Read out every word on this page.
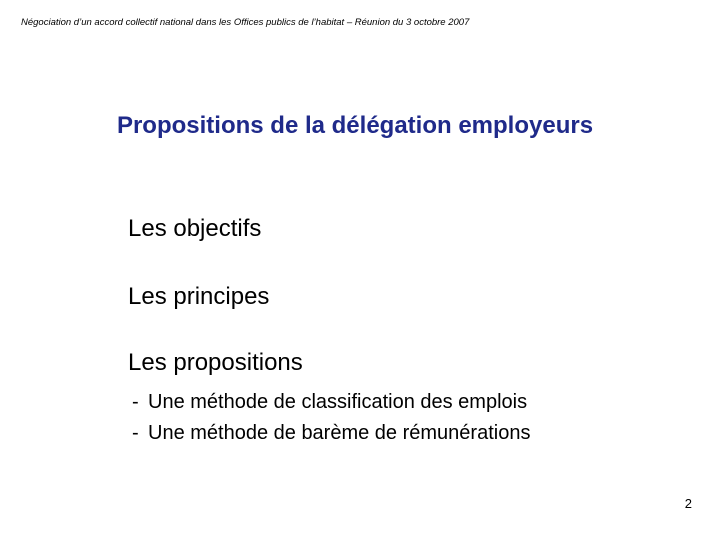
Négociation d’un accord collectif national dans les Offices publics de l’habitat – Réunion du 3 octobre 2007
Propositions de la délégation employeurs
Les objectifs
Les principes
Les propositions
- Une méthode de classification des emplois
- Une méthode de barème de rémunérations
2
